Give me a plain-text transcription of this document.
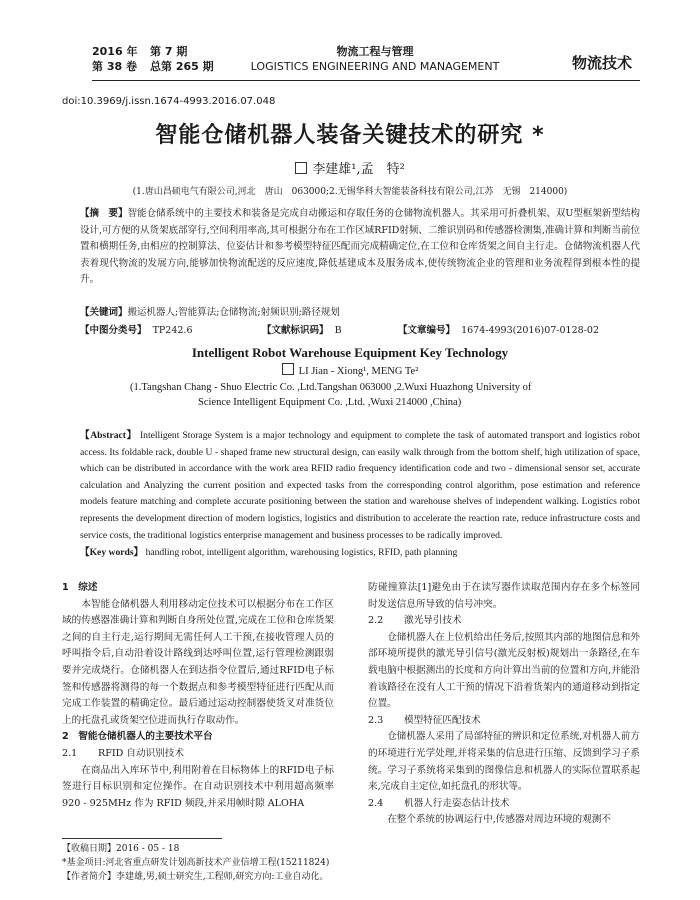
2016 年 第 7 期
第 38 卷 总第 265 期
物流工程与管理
LOGISTICS ENGINEERING AND MANAGEMENT	物流技术
doi:10.3969/j.issn.1674-4993.2016.07.048
智能仓储机器人装备关键技术的研究 *
李建雄¹,孟　特²
(1.唐山昌硕电气有限公司,河北　唐山　063000;2.无锡华科大智能装备科技有限公司,江苏　无锡　214000)
【摘　要】智能仓储系统中的主要技术和装备是完成自动搬运和存取任务的仓储物流机器人。其采用可折叠机架、双U型框架新型结构设计,可方便的从货架底部穿行,空间利用率高,其可根据分布在工作区域RFID射频、二维识别码和传感器检测集,准确计算和判断当前位置和横期任务,由相应的控制算法、位姿估计和参考模型特征匹配而完成精确定位,在工位和仓库货架之间自主行走。仓储物流机器人代表着现代物流的发展方向,能够加快物流配送的反应速度,降低基建成本及服务成本,使传统物流企业的管理和业务流程得到根本性的提升。
【关键词】搬运机器人;智能算法;仓储物流;射频识别;路径规划
【中图分类号】 TP242.6	【文献标识码】 B	【文章编号】 1674-4993(2016)07-0128-02
Intelligent Robot Warehouse Equipment Key Technology
LI Jian - Xiong¹, MENG Te²
(1.Tangshan Chang - Shuo Electric Co. ,Ltd.Tangshan 063000 ,2.Wuxi Huazhong University of
Science Intelligent Equipment Co. ,Ltd. ,Wuxi 214000 ,China)
【Abstract】 Intelligent Storage System is a major technology and equipment to complete the task of automated transport and logistics robot access. Its foldable rack, double U - shaped frame new structural design, can easily walk through from the bottom shelf, high utilization of space, which can be distributed in accordance with the work area RFID radio frequency identification code and two - dimensional sensor set, accurate calculation and Analyzing the current position and expected tasks from the corresponding control algorithm, pose estimation and reference models feature matching and complete accurate positioning between the station and warehouse shelves of independent walking. Logistics robot represents the development direction of modern logistics, logistics and distribution to accelerate the reaction rate, reduce infrastructure costs and service costs, the traditional logistics enterprise management and business processes to be radically improved.
【Key words】 handling robot, intelligent algorithm, warehousing logistics, RFID, path planning

1　综述

本智能仓储机器人利用移动定位技术可以根据分布在工作区域的传感器准确计算和判断自身所处位置,完成在工位和仓库货架之间的自主行走,运行期间无需任何人工干预,在接收管理人员的呼叫指令后,自动沿着设计路线到达呼叫位置,运行管理检测跟弱要并完成烧行。仓储机器人在到达指令位置后,通过RFID电子标签和传感器将测得的每一个数据点和参考模型特征进行匹配从而完成工作装置的精确定位。最后通过运动控制器使货叉对准货位上的托盘孔或货架空位进而执行存取动作。

2　智能仓储机器人的主要技术平台

2.1 RFID 自动识别技术

在商品出入库环节中,利用附着在目标物体上的RFID电子标签进行目标识别和定位操作。在自动识别技术中利用超高频率 920 - 925MHz 作为 RFID 频段,并采用帧时隙 ALOHA

防碰撞算法[1]避免由于在读写器作读取范围内存在多个标签同时发送信息所导致的信号冲突。

2.2 激光导引技术

仓储机器人在上位机给出任务后,按照其内部的地图信息和外部环境所提供的激光导引信号(激光反射板)规划出一条路径,在车载电脑中根据测出的长度和方向计算出当前的位置和方向,并能沿着该路径在没有人工干预的情况下沿着货架内的通道移动到指定位置。

2.3 模型特征匹配技术

仓储机器人采用了局部特征的辨识和定位系统,对机器人前方的环境进行光学处理,并将采集的信息进行压缩、反馈到学习子系统。学习子系统将采集到的图像信息和机器人的实际位置联系起来,完成自主定位,如托盘孔的形状等。

2.4 机器人行走姿态估计技术

在整个系统的协调运行中,传感器对周边环境的观测不

【收稿日期】2016 - 05 - 18
*基金项目:河北省重点研发计划高新技术产业信增工程(15211824)
【作者简介】李建雄,男,硕士研究生,工程师,研究方向:工业自动化。
